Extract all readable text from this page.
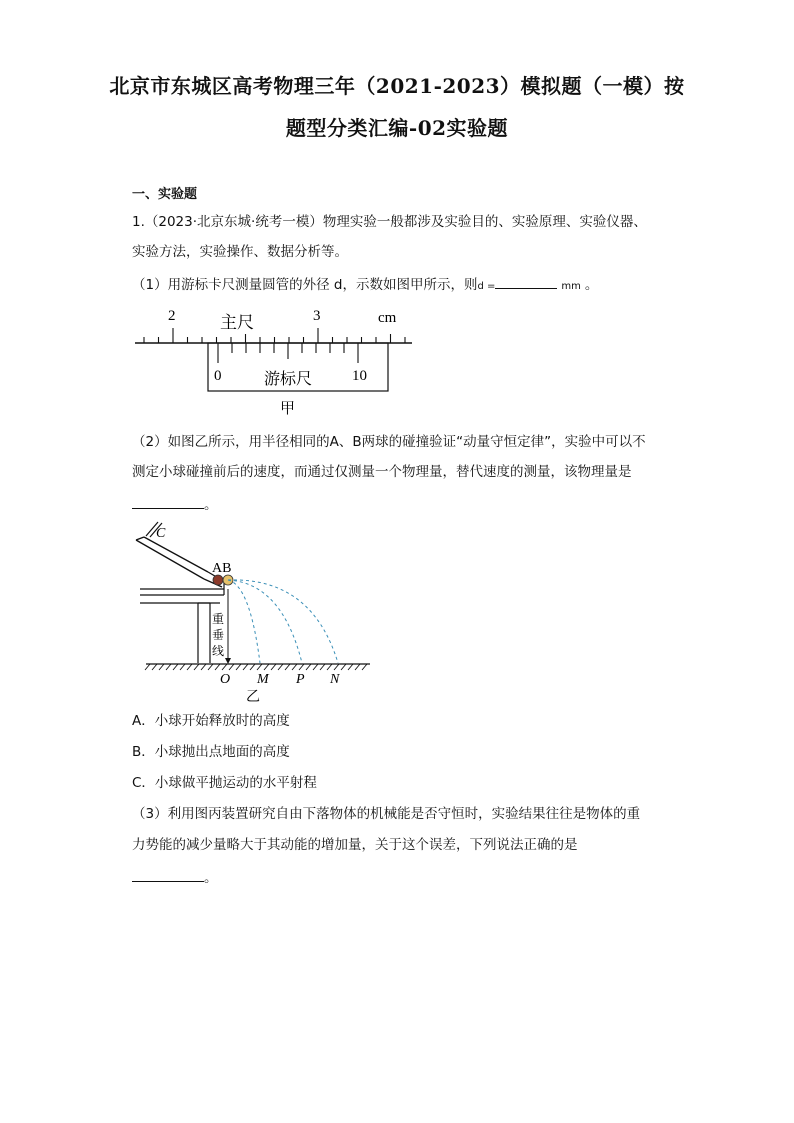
北京市东城区高考物理三年（2021-2023）模拟题（一模）按
题型分类汇编-02实验题
一、实验题
1.（2023·北京东城·统考一模）物理实验一般都涉及实验目的、实验原理、实验仪器、
实验方法，实验操作、数据分析等。
（1）用游标卡尺测量圆管的外径 d，示数如图甲所示，则d =	mm 。
2	3	cm
主尺
0	10
游标尺
甲
（2）如图乙所示，用半径相同的A、B两球的碰撞验证“动量守恒定律”，实验中可以不
测定小球碰撞前后的速度，而通过仅测量一个物理量，替代速度的测量，该物理量是
。
C
重
垂
线
AB
O M P N
乙
A．小球开始释放时的高度
B．小球抛出点地面的高度
C．小球做平抛运动的水平射程
（3）利用图丙装置研究自由下落物体的机械能是否守恒时，实验结果往往是物体的重
力势能的减少量略大于其动能的增加量，关于这个误差，下列说法正确的是
。
